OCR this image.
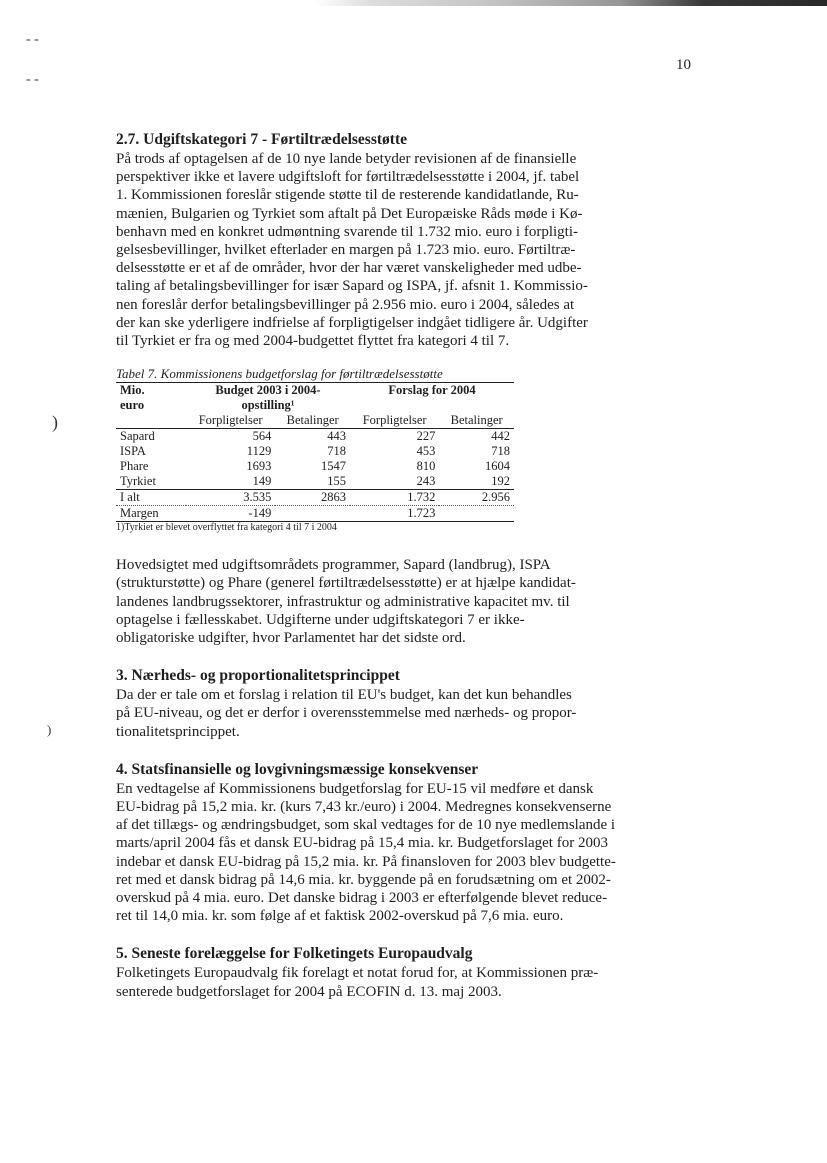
- -
- -
)
)
10
2.7. Udgiftskategori 7 - Førtiltrædelsesstøtte

På trods af optagelsen af de 10 nye lande betyder revisionen af de finansielle
perspektiver ikke et lavere udgiftsloft for førtiltrædelsesstøtte i 2004, jf. tabel
1. Kommissionen foreslår stigende støtte til de resterende kandidatlande, Ru-
mænien, Bulgarien og Tyrkiet som aftalt på Det Europæiske Råds møde i Kø-
benhavn med en konkret udmøntning svarende til 1.732 mio. euro i forpligti-
gelsesbevillinger, hvilket efterlader en margen på 1.723 mio. euro. Førtiltræ-
delsesstøtte er et af de områder, hvor der har været vanskeligheder med udbe-
taling af betalingsbevillinger for især Sapard og ISPA, jf. afsnit 1. Kommissio-
nen foreslår derfor betalingsbevillinger på 2.956 mio. euro i 2004, således at
der kan ske yderligere indfrielse af forpligtigelser indgået tidligere år. Udgifter
til Tyrkiet er fra og med 2004-budgettet flyttet fra kategori 4 til 7.

Tabel 7. Kommissionens budgetforslag for førtiltrædelsesstøtte
Mio.
euro	Budget 2003 i 2004-
opstilling¹		Forslag for 2004	
	Forpligtelser	Betalinger	Forpligtelser	Betalinger
Sapard	564	443	227	442
ISPA	1129	718	453	718
Phare	1693	1547	810	1604
Tyrkiet	149	155	243	192
I alt	3.535	2863	1.732	2.956
Margen	-149		1.723	
1)Tyrkiet er blevet overflyttet fra kategori 4 til 7 i 2004

Hovedsigtet med udgiftsområdets programmer, Sapard (landbrug), ISPA
(strukturstøtte) og Phare (generel førtiltrædelsesstøtte) er at hjælpe kandidat-
landenes landbrugssektorer, infrastruktur og administrative kapacitet mv. til
optagelse i fællesskabet. Udgifterne under udgiftskategori 7 er ikke-
obligatoriske udgifter, hvor Parlamentet har det sidste ord.

3. Nærheds- og proportionalitetsprincippet

Da der er tale om et forslag i relation til EU's budget, kan det kun behandles
på EU-niveau, og det er derfor i overensstemmelse med nærheds- og propor-
tionalitetsprincippet.

4. Statsfinansielle og lovgivningsmæssige konsekvenser

En vedtagelse af Kommissionens budgetforslag for EU-15 vil medføre et dansk
EU-bidrag på 15,2 mia. kr. (kurs 7,43 kr./euro) i 2004. Medregnes konsekvenserne
af det tillægs- og ændringsbudget, som skal vedtages for de 10 nye medlemslande i
marts/april 2004 fås et dansk EU-bidrag på 15,4 mia. kr. Budgetforslaget for 2003
indebar et dansk EU-bidrag på 15,2 mia. kr. På finansloven for 2003 blev budgette-
ret med et dansk bidrag på 14,6 mia. kr. byggende på en forudsætning om et 2002-
overskud på 4 mia. euro. Det danske bidrag i 2003 er efterfølgende blevet reduce-
ret til 14,0 mia. kr. som følge af et faktisk 2002-overskud på 7,6 mia. euro.

5. Seneste forelæggelse for Folketingets Europaudvalg

Folketingets Europaudvalg fik forelagt et notat forud for, at Kommissionen præ-
senterede budgetforslaget for 2004 på ECOFIN d. 13. maj 2003.
